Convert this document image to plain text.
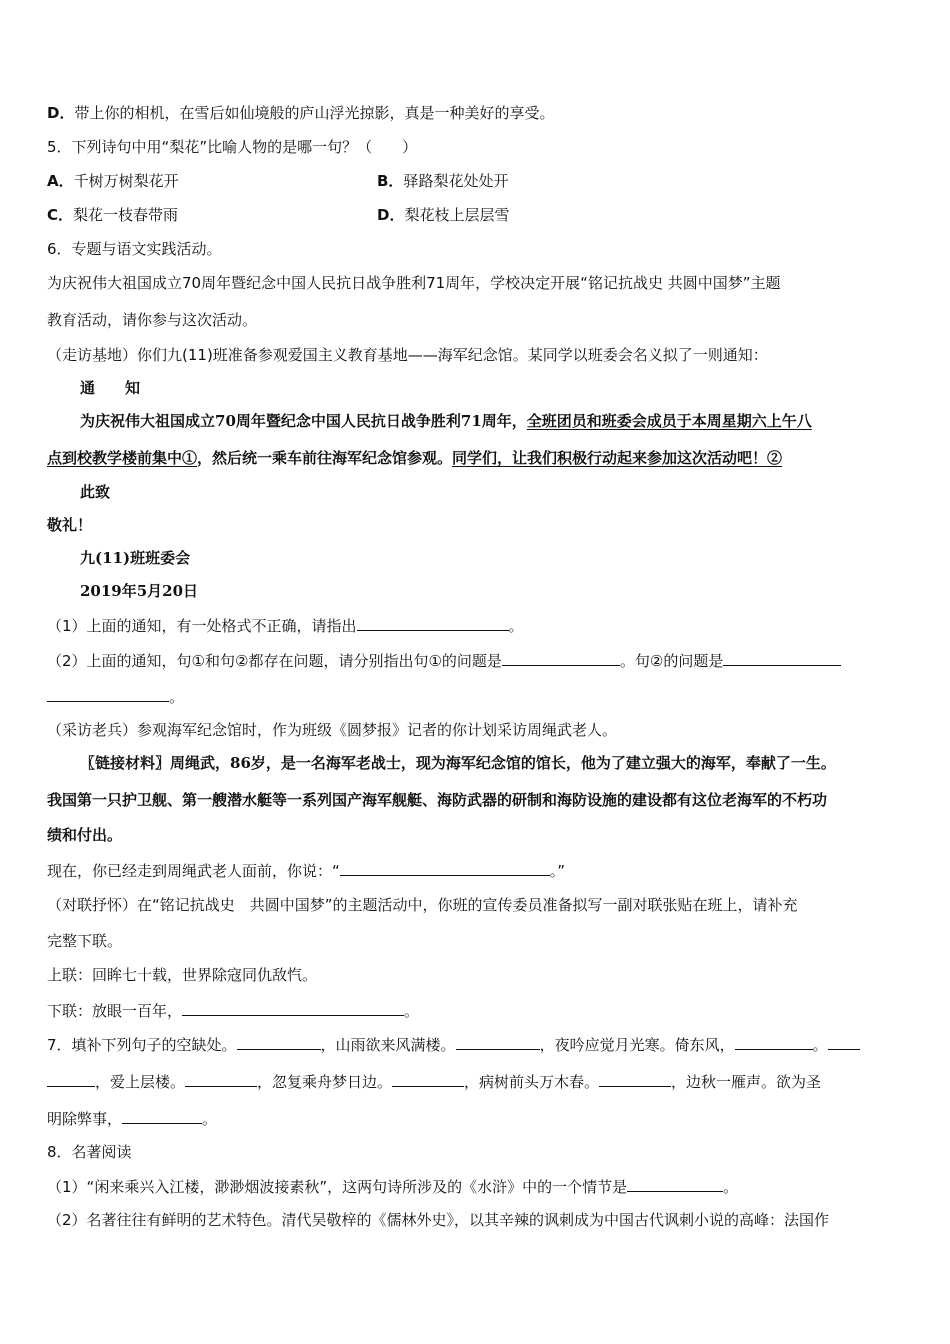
D．带上你的相机，在雪后如仙境般的庐山浮光掠影，真是一种美好的享受。
5．下列诗句中用“梨花”比喻人物的是哪一句？（　　）
A．千树万树梨花开	B．驿路梨花处处开
C．梨花一枝春带雨	D．梨花枝上层层雪
6．专题与语文实践活动。
为庆祝伟大祖国成立70周年暨纪念中国人民抗日战争胜利71周年，学校决定开展“铭记抗战史 共圆中国梦”主题
教育活动，请你参与这次活动。
（走访基地）你们九(11)班准备参观爱国主义教育基地——海军纪念馆。某同学以班委会名义拟了一则通知：
通　　知
为庆祝伟大祖国成立70周年暨纪念中国人民抗日战争胜利71周年，全班团员和班委会成员于本周星期六上午八
点到校教学楼前集中①，然后统一乘车前往海军纪念馆参观。同学们，让我们积极行动起来参加这次活动吧！②
此致
敬礼！
九(11)班班委会
2019年5月20日
（1）上面的通知，有一处格式不正确，请指出	。
（2）上面的通知，句①和句②都存在问题，请分别指出句①的问题是	。句②的问题是
。
（采访老兵）参观海军纪念馆时，作为班级《圆梦报》记者的你计划采访周绳武老人。
〖链接材料〗周绳武，86岁，是一名海军老战士，现为海军纪念馆的馆长，他为了建立强大的海军，奉献了一生。
我国第一只护卫舰、第一艘潜水艇等一系列国产海军舰艇、海防武器的研制和海防设施的建设都有这位老海军的不朽功
绩和付出。
现在，你已经走到周绳武老人面前，你说：“	。”
（对联抒怀）在“铭记抗战史　共圆中国梦”的主题活动中，你班的宣传委员准备拟写一副对联张贴在班上，请补充
完整下联。
上联：回眸七十载，世界除寇同仇敌忾。
下联：放眼一百年，	。
7．填补下列句子的空缺处。	，山雨欲来风满楼。	，夜吟应觉月光寒。倚东风，	。
，爱上层楼。	，忽复乘舟梦日边。	，病树前头万木春。	，边秋一雁声。欲为圣
明除弊事，	。
8．名著阅读
（1）“闲来乘兴入江楼，渺渺烟波接素秋”，这两句诗所涉及的《水浒》中的一个情节是	。
（2）名著往往有鲜明的艺术特色。清代吴敬梓的《儒林外史》，以其辛辣的讽刺成为中国古代讽刺小说的高峰：法国作
